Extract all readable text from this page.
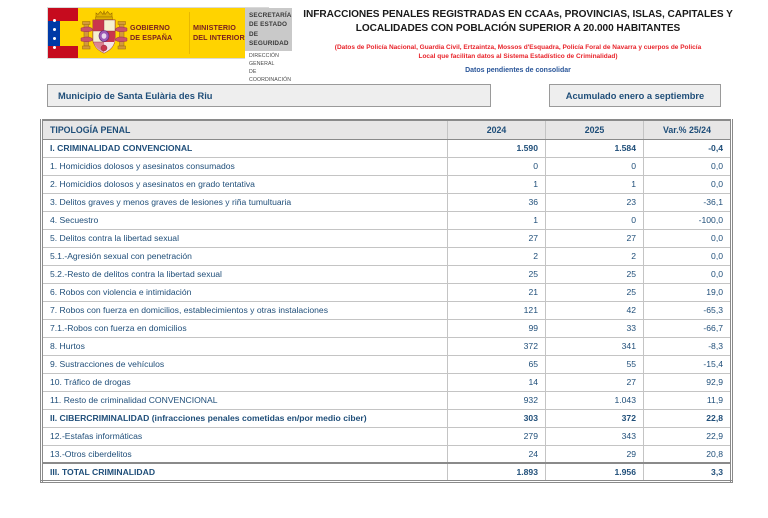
GOBIERNO
DE ESPAÑA
MINISTERIO
DEL INTERIOR
SECRETARÍA
DE ESTADO
DE SEGURIDAD
DIRECCIÓN GENERAL
DE COORDINACIÓN
INFRACCIONES PENALES REGISTRADAS EN CCAAs, PROVINCIAS, ISLAS, CAPITALES Y
LOCALIDADES CON POBLACIÓN SUPERIOR A 20.000 HABITANTES
(Datos de Policía Nacional, Guardia Civil, Ertzaintza, Mossos d'Esquadra, Policía Foral de Navarra y cuerpos de Policía
Local que facilitan datos al Sistema Estadístico de Criminalidad)
Datos pendientes de consolidar
Municipio de Santa Eulària des Riu	Acumulado enero a septiembre
TIPOLOGÍA PENAL	2024	2025	Var.% 25/24
I. CRIMINALIDAD CONVENCIONAL	1.590	1.584	-0,4
1. Homicidios dolosos y asesinatos consumados	0	0	0,0
2. Homicidios dolosos y asesinatos en grado tentativa	1	1	0,0
3. Delitos graves y menos graves de lesiones y riña tumultuaria	36	23	-36,1
4. Secuestro	1	0	-100,0
5. Delitos contra la libertad sexual	27	27	0,0
5.1.-Agresión sexual con penetración	2	2	0,0
5.2.-Resto de delitos contra la libertad sexual	25	25	0,0
6. Robos con violencia e intimidación	21	25	19,0
7. Robos con fuerza en domicilios, establecimientos y otras instalaciones	121	42	-65,3
7.1.-Robos con fuerza en domicilios	99	33	-66,7
8. Hurtos	372	341	-8,3
9. Sustracciones de vehículos	65	55	-15,4
10. Tráfico de drogas	14	27	92,9
11. Resto de criminalidad CONVENCIONAL	932	1.043	11,9
II. CIBERCRIMINALIDAD (infracciones penales cometidas en/por medio ciber)	303	372	22,8
12.-Estafas informáticas	279	343	22,9
13.-Otros ciberdelitos	24	29	20,8
III. TOTAL CRIMINALIDAD	1.893	1.956	3,3
